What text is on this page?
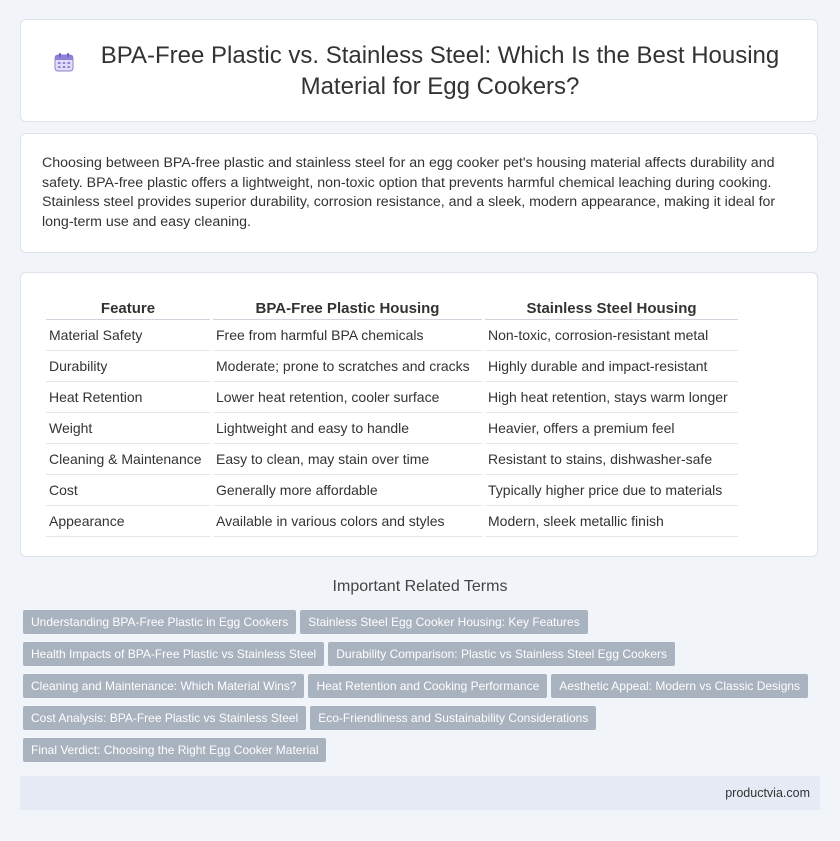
BPA-Free Plastic vs. Stainless Steel: Which Is the Best Housing Material for Egg Cookers?

Choosing between BPA-free plastic and stainless steel for an egg cooker pet's housing material affects durability and safety. BPA-free plastic offers a lightweight, non-toxic option that prevents harmful chemical leaching during cooking. Stainless steel provides superior durability, corrosion resistance, and a sleek, modern appearance, making it ideal for long-term use and easy cleaning.

Feature	BPA-Free Plastic Housing	Stainless Steel Housing
Material Safety	Free from harmful BPA chemicals	Non-toxic, corrosion-resistant metal
Durability	Moderate; prone to scratches and cracks	Highly durable and impact-resistant
Heat Retention	Lower heat retention, cooler surface	High heat retention, stays warm longer
Weight	Lightweight and easy to handle	Heavier, offers a premium feel
Cleaning & Maintenance	Easy to clean, may stain over time	Resistant to stains, dishwasher-safe
Cost	Generally more affordable	Typically higher price due to materials
Appearance	Available in various colors and styles	Modern, sleek metallic finish
Important Related Terms
Understanding BPA-Free Plastic in Egg Cookers Stainless Steel Egg Cooker Housing: Key Features
Health Impacts of BPA-Free Plastic vs Stainless Steel Durability Comparison: Plastic vs Stainless Steel Egg Cookers
Cleaning and Maintenance: Which Material Wins? Heat Retention and Cooking Performance Aesthetic Appeal: Modern vs Classic Designs
Cost Analysis: BPA-Free Plastic vs Stainless Steel Eco-Friendliness and Sustainability Considerations
Final Verdict: Choosing the Right Egg Cooker Material
productvia.com
